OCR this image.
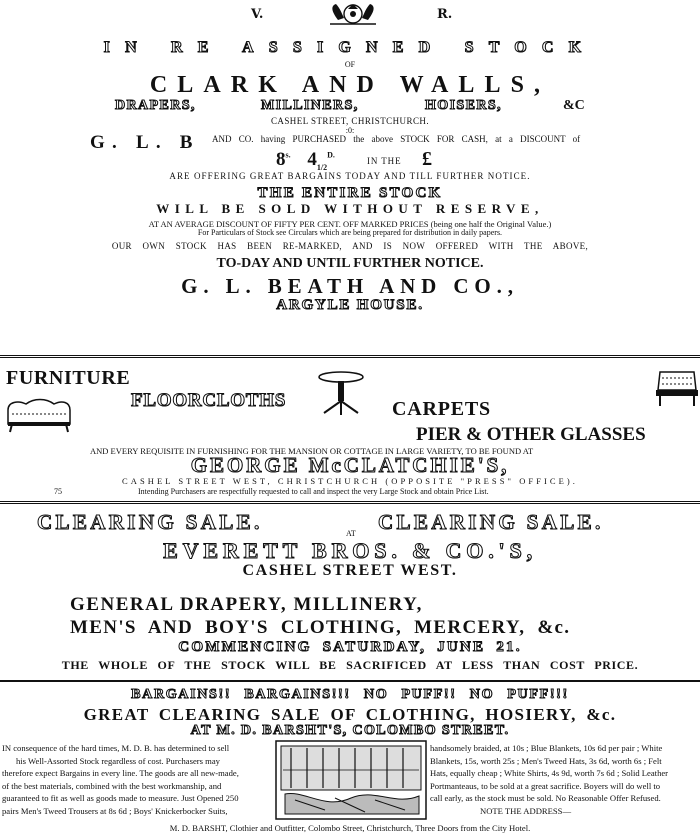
V.	R.
IN RE ASSIGNED STOCK
OF
CLARK AND WALLS,
DRAPERS,	MILLINERS,	HOISERS,	&C
CASHEL STREET, CHRISTCHURCH.
:0:
G. L. B AND CO. having PURCHASED the above STOCK FOR CASH, at a DISCOUNT of
$8^{s.}$ $4_{1/2}^{D.}$
IN THE £
ARE OFFERING GREAT BARGAINS TODAY AND TILL FURTHER NOTICE.
THE ENTIRE STOCK
WILL BE SOLD WITHOUT RESERVE,
AT AN AVERAGE DISCOUNT OF FIFTY PER CENT. OFF MARKED PRICES (being one half the Original Value.)
For Particulars of Stock see Circulars which are being prepared for distribution in daily papers.
OUR OWN STOCK HAS BEEN RE-MARKED, AND IS NOW OFFERED WITH THE ABOVE,
TO-DAY AND UNTIL FURTHER NOTICE.
G. L. BEATH AND CO.,
ARGYLE HOUSE.
FURNITURE
FLOORCLOTHS	CARPETS
PIER & OTHER GLASSES
AND EVERY REQUISITE IN FURNISHING FOR THE MANSION OR COTTAGE IN LARGE VARIETY, TO BE FOUND AT
GEORGE McCLATCHIE'S,
CASHEL STREET WEST, CHRISTCHURCH (OPPOSITE "PRESS" OFFICE).
75	Intending Purchasers are respectfully requested to call and inspect the very Large Stock and obtain Price List.
CLEARING SALE.	AT CLEARING SALE.
EVERETT BROS. & CO.'S,
CASHEL STREET WEST.
GENERAL DRAPERY, MILLINERY,
MEN'S AND BOY'S CLOTHING, MERCERY, &c.
COMMENCING SATURDAY, JUNE 21.
THE WHOLE OF THE STOCK WILL BE SACRIFICED AT LESS THAN COST PRICE.
BARGAINS!! BARGAINS!!! NO PUFF!! NO PUFF!!!
GREAT CLEARING SALE OF CLOTHING, HOSIERY, &c.
AT M. D. BARSHT'S, COLOMBO STREET.
IN consequence of the hard times, M. D. B. has determined to sell
his Well-Assorted Stock regardless of cost. Purchasers may
therefore expect Bargains in every line. The goods are all new-made,
of the best materials, combined with the best workmanship, and
guaranteed to fit as well as goods made to measure. Just Opened 250
pairs Men's Tweed Trousers at 8s 6d ; Boys' Knickerbocker Suits,
handsomely braided, at 10s ; Blue Blankets, 10s 6d per pair ; White
Blankets, 15s, worth 25s ; Men's Tweed Hats, 3s 6d, worth 6s ; Felt
Hats, equally cheap ; White Shirts, 4s 9d, worth 7s 6d ; Solid Leather
Portmanteaus, to be sold at a great sacrifice. Boyers will do well to
call early, as the stock must be sold. No Reasonable Offer Refused.
NOTE THE ADDRESS—
M. D. BARSHT, Clothier and Outfitter, Colombo Street, Christchurch, Three Doors from the City Hotel.
